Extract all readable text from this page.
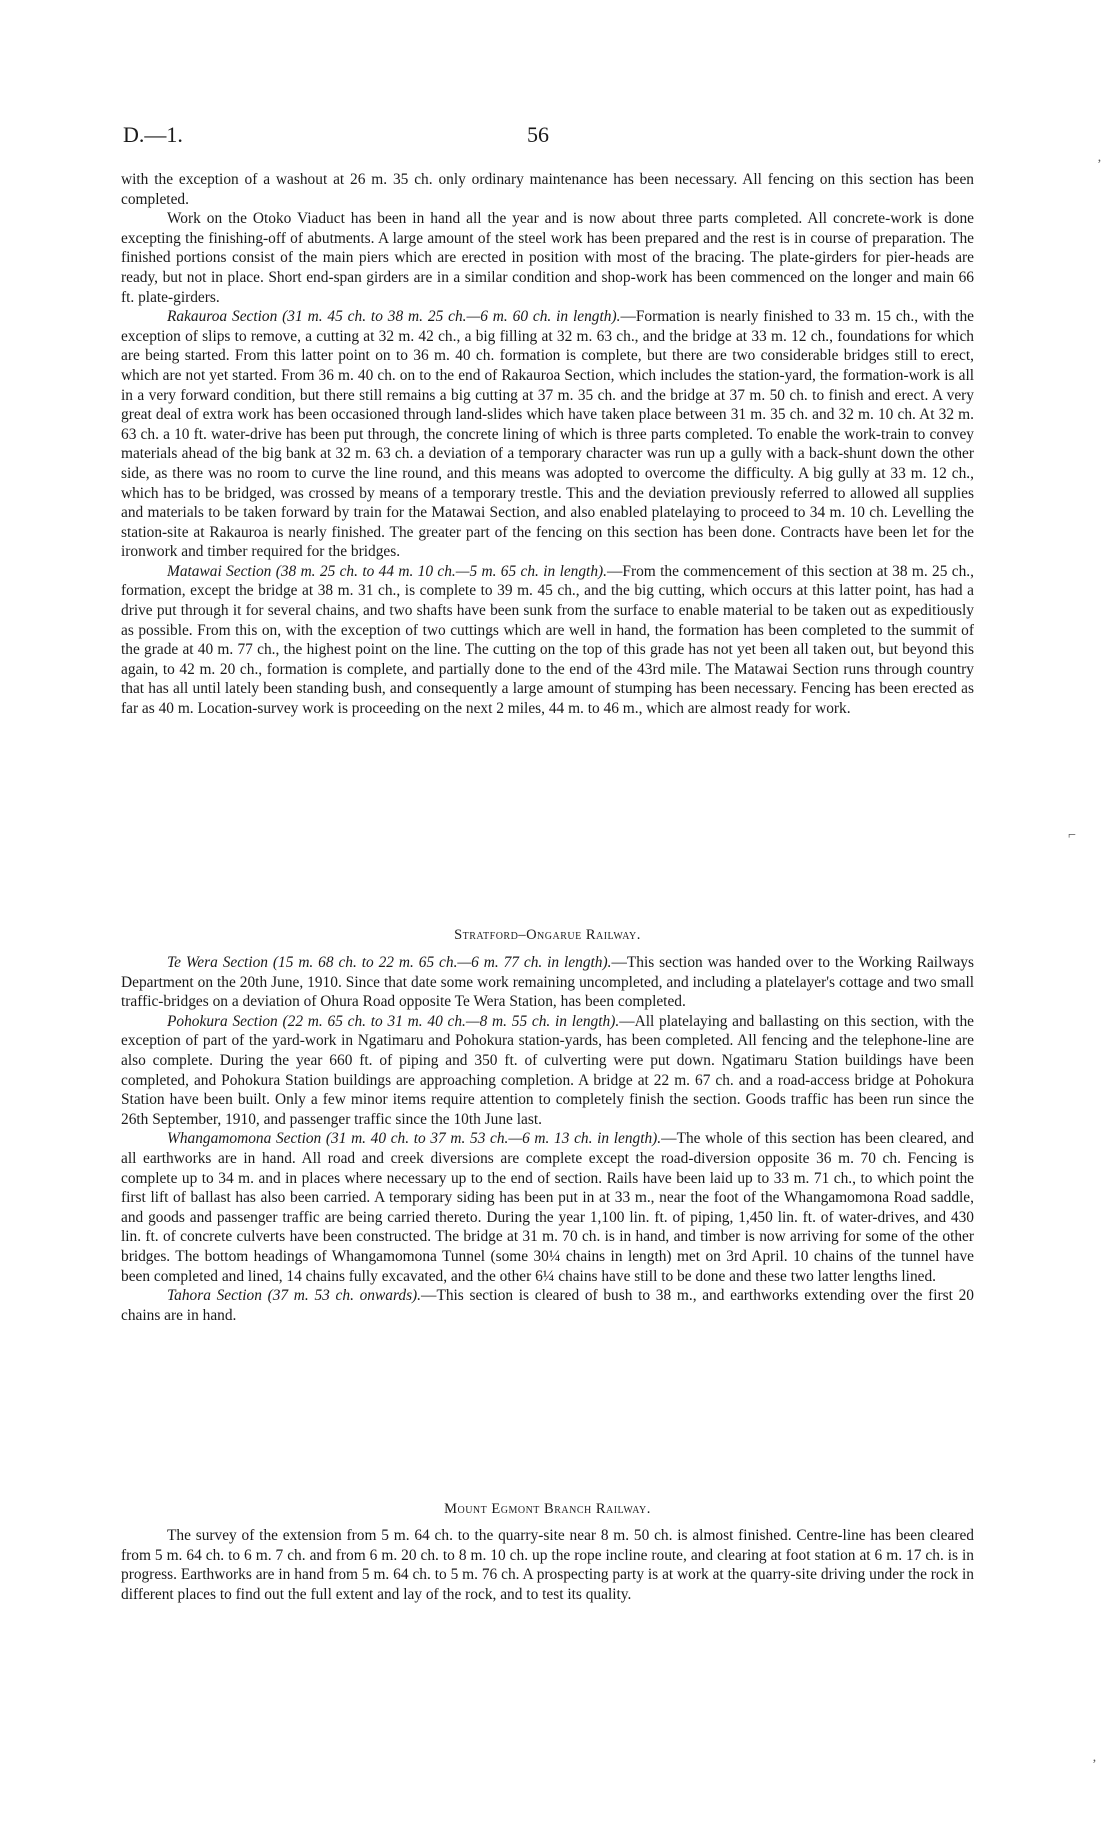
D.—1.	56

with the exception of a washout at 26 m. 35 ch. only ordinary maintenance has been necessary. All fencing on this section has been completed.

Work on the Otoko Viaduct has been in hand all the year and is now about three parts completed. All concrete-work is done excepting the finishing-off of abutments. A large amount of the steel work has been prepared and the rest is in course of preparation. The finished portions consist of the main piers which are erected in position with most of the bracing. The plate-girders for pier-heads are ready, but not in place. Short end-span girders are in a similar condition and shop-work has been commenced on the longer and main 66 ft. plate-girders.

Rakauroa Section (31 m. 45 ch. to 38 m. 25 ch.—6 m. 60 ch. in length).—Formation is nearly finished to 33 m. 15 ch., with the exception of slips to remove, a cutting at 32 m. 42 ch., a big filling at 32 m. 63 ch., and the bridge at 33 m. 12 ch., foundations for which are being started. From this latter point on to 36 m. 40 ch. formation is complete, but there are two considerable bridges still to erect, which are not yet started. From 36 m. 40 ch. on to the end of Rakauroa Section, which includes the station-yard, the formation-work is all in a very forward condition, but there still remains a big cutting at 37 m. 35 ch. and the bridge at 37 m. 50 ch. to finish and erect. A very great deal of extra work has been occasioned through land-slides which have taken place between 31 m. 35 ch. and 32 m. 10 ch. At 32 m. 63 ch. a 10 ft. water-drive has been put through, the concrete lining of which is three parts completed. To enable the work-train to convey materials ahead of the big bank at 32 m. 63 ch. a deviation of a temporary character was run up a gully with a back-shunt down the other side, as there was no room to curve the line round, and this means was adopted to overcome the difficulty. A big gully at 33 m. 12 ch., which has to be bridged, was crossed by means of a temporary trestle. This and the deviation previously referred to allowed all supplies and materials to be taken forward by train for the Matawai Section, and also enabled platelaying to proceed to 34 m. 10 ch. Levelling the station-site at Rakauroa is nearly finished. The greater part of the fencing on this section has been done. Contracts have been let for the ironwork and timber required for the bridges.

Matawai Section (38 m. 25 ch. to 44 m. 10 ch.—5 m. 65 ch. in length).—From the commencement of this section at 38 m. 25 ch., formation, except the bridge at 38 m. 31 ch., is complete to 39 m. 45 ch., and the big cutting, which occurs at this latter point, has had a drive put through it for several chains, and two shafts have been sunk from the surface to enable material to be taken out as expeditiously as possible. From this on, with the exception of two cuttings which are well in hand, the formation has been completed to the summit of the grade at 40 m. 77 ch., the highest point on the line. The cutting on the top of this grade has not yet been all taken out, but beyond this again, to 42 m. 20 ch., formation is complete, and partially done to the end of the 43rd mile. The Matawai Section runs through country that has all until lately been standing bush, and consequently a large amount of stumping has been necessary. Fencing has been erected as far as 40 m. Location-survey work is proceeding on the next 2 miles, 44 m. to 46 m., which are almost ready for work.

Stratford–Ongarue Railway.

Te Wera Section (15 m. 68 ch. to 22 m. 65 ch.—6 m. 77 ch. in length).—This section was handed over to the Working Railways Department on the 20th June, 1910. Since that date some work remaining uncompleted, and including a platelayer's cottage and two small traffic-bridges on a deviation of Ohura Road opposite Te Wera Station, has been completed.

Pohokura Section (22 m. 65 ch. to 31 m. 40 ch.—8 m. 55 ch. in length).—All platelaying and ballasting on this section, with the exception of part of the yard-work in Ngatimaru and Pohokura station-yards, has been completed. All fencing and the telephone-line are also complete. During the year 660 ft. of piping and 350 ft. of culverting were put down. Ngatimaru Station buildings have been completed, and Pohokura Station buildings are approaching completion. A bridge at 22 m. 67 ch. and a road-access bridge at Pohokura Station have been built. Only a few minor items require attention to completely finish the section. Goods traffic has been run since the 26th September, 1910, and passenger traffic since the 10th June last.

Whangamomona Section (31 m. 40 ch. to 37 m. 53 ch.—6 m. 13 ch. in length).—The whole of this section has been cleared, and all earthworks are in hand. All road and creek diversions are complete except the road-diversion opposite 36 m. 70 ch. Fencing is complete up to 34 m. and in places where necessary up to the end of section. Rails have been laid up to 33 m. 71 ch., to which point the first lift of ballast has also been carried. A temporary siding has been put in at 33 m., near the foot of the Whangamomona Road saddle, and goods and passenger traffic are being carried thereto. During the year 1,100 lin. ft. of piping, 1,450 lin. ft. of water-drives, and 430 lin. ft. of concrete culverts have been constructed. The bridge at 31 m. 70 ch. is in hand, and timber is now arriving for some of the other bridges. The bottom headings of Whangamomona Tunnel (some 30¼ chains in length) met on 3rd April. 10 chains of the tunnel have been completed and lined, 14 chains fully excavated, and the other 6¼ chains have still to be done and these two latter lengths lined.

Tahora Section (37 m. 53 ch. onwards).—This section is cleared of bush to 38 m., and earthworks extending over the first 20 chains are in hand.

Mount Egmont Branch Railway.

The survey of the extension from 5 m. 64 ch. to the quarry-site near 8 m. 50 ch. is almost finished. Centre-line has been cleared from 5 m. 64 ch. to 6 m. 7 ch. and from 6 m. 20 ch. to 8 m. 10 ch. up the rope incline route, and clearing at foot station at 6 m. 17 ch. is in progress. Earthworks are in hand from 5 m. 64 ch. to 5 m. 76 ch. A prospecting party is at work at the quarry-site driving under the rock in different places to find out the full extent and lay of the rock, and to test its quality.

‚
⌐
‚
